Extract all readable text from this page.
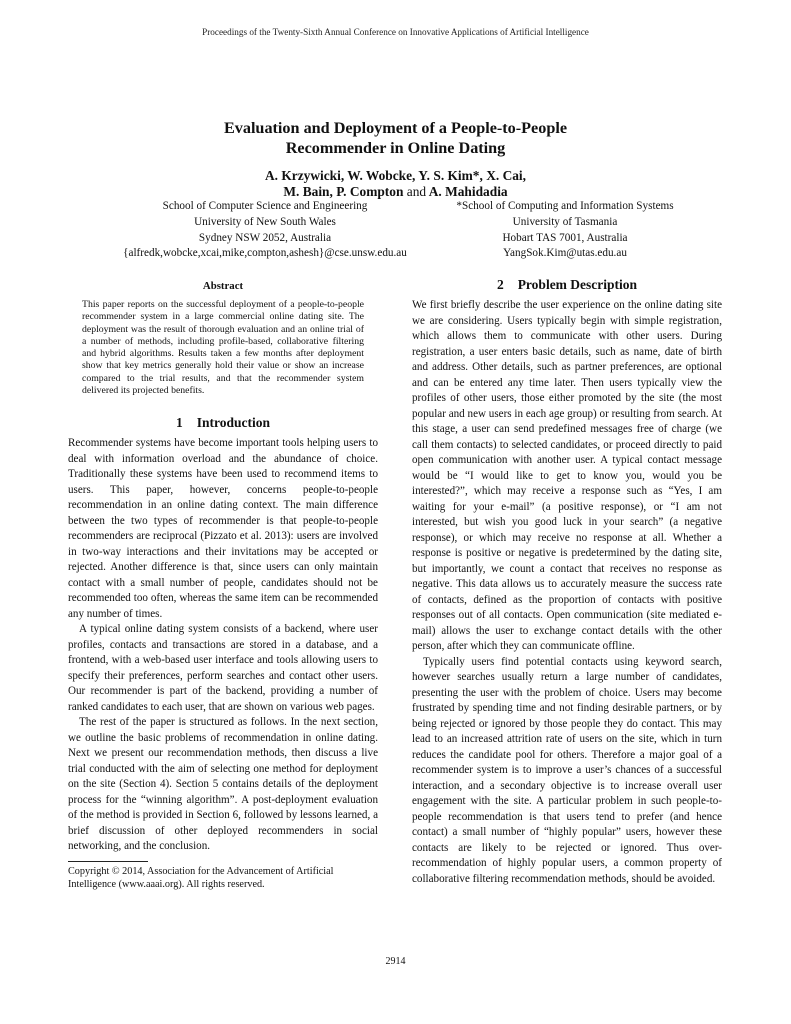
Proceedings of the Twenty-Sixth Annual Conference on Innovative Applications of Artificial Intelligence
Evaluation and Deployment of a People-to-People
Recommender in Online Dating
A. Krzywicki, W. Wobcke, Y. S. Kim*, X. Cai,
M. Bain, P. Compton and A. Mahidadia
School of Computer Science and Engineering
University of New South Wales
Sydney NSW 2052, Australia
{alfredk,wobcke,xcai,mike,compton,ashesh}@cse.unsw.edu.au
*School of Computing and Information Systems
University of Tasmania
Hobart TAS 7001, Australia
YangSok.Kim@utas.edu.au
Abstract
This paper reports on the successful deployment of a people-to-people recommender system in a large commercial online dating site. The deployment was the result of thorough evaluation and an online trial of a number of methods, including profile-based, collaborative filtering and hybrid algorithms. Results taken a few months after deployment show that key metrics generally hold their value or show an increase compared to the trial results, and that the recommender system delivered its projected benefits.
1 Introduction

Recommender systems have become important tools helping users to deal with information overload and the abundance of choice. Traditionally these systems have been used to recommend items to users. This paper, however, concerns people-to-people recommendation in an online dating context. The main difference between the two types of recommender is that people-to-people recommenders are reciprocal (Pizzato et al. 2013): users are involved in two-way interactions and their invitations may be accepted or rejected. Another difference is that, since users can only maintain contact with a small number of people, candidates should not be recommended too often, whereas the same item can be recommended any number of times.

A typical online dating system consists of a backend, where user profiles, contacts and transactions are stored in a database, and a frontend, with a web-based user interface and tools allowing users to specify their preferences, perform searches and contact other users. Our recommender is part of the backend, providing a number of ranked candidates to each user, that are shown on various web pages.

The rest of the paper is structured as follows. In the next section, we outline the basic problems of recommendation in online dating. Next we present our recommendation methods, then discuss a live trial conducted with the aim of selecting one method for deployment on the site (Section 4). Section 5 contains details of the deployment process for the “winning algorithm”. A post-deployment evaluation of the method is provided in Section 6, followed by lessons learned, a brief discussion of other deployed recommenders in social networking, and the conclusion.

Copyright © 2014, Association for the Advancement of Artificial Intelligence (www.aaai.org). All rights reserved.
2 Problem Description

We first briefly describe the user experience on the online dating site we are considering. Users typically begin with simple registration, which allows them to communicate with other users. During registration, a user enters basic details, such as name, date of birth and address. Other details, such as partner preferences, are optional and can be entered any time later. Then users typically view the profiles of other users, those either promoted by the site (the most popular and new users in each age group) or resulting from search. At this stage, a user can send predefined messages free of charge (we call them contacts) to selected candidates, or proceed directly to paid open communication with another user. A typical contact message would be “I would like to get to know you, would you be interested?”, which may receive a response such as “Yes, I am waiting for your e-mail” (a positive response), or “I am not interested, but wish you good luck in your search” (a negative response), or which may receive no response at all. Whether a response is positive or negative is predetermined by the dating site, but importantly, we count a contact that receives no response as negative. This data allows us to accurately measure the success rate of contacts, defined as the proportion of contacts with positive responses out of all contacts. Open communication (site mediated e-mail) allows the user to exchange contact details with the other person, after which they can communicate offline.

Typically users find potential contacts using keyword search, however searches usually return a large number of candidates, presenting the user with the problem of choice. Users may become frustrated by spending time and not finding desirable partners, or by being rejected or ignored by those people they do contact. This may lead to an increased attrition rate of users on the site, which in turn reduces the candidate pool for others. Therefore a major goal of a recommender system is to improve a user’s chances of a successful interaction, and a secondary objective is to increase overall user engagement with the site. A particular problem in such people-to-people recommendation is that users tend to prefer (and hence contact) a small number of “highly popular” users, however these contacts are likely to be rejected or ignored. Thus over-recommendation of highly popular users, a common property of collaborative filtering recommendation methods, should be avoided.

2914
